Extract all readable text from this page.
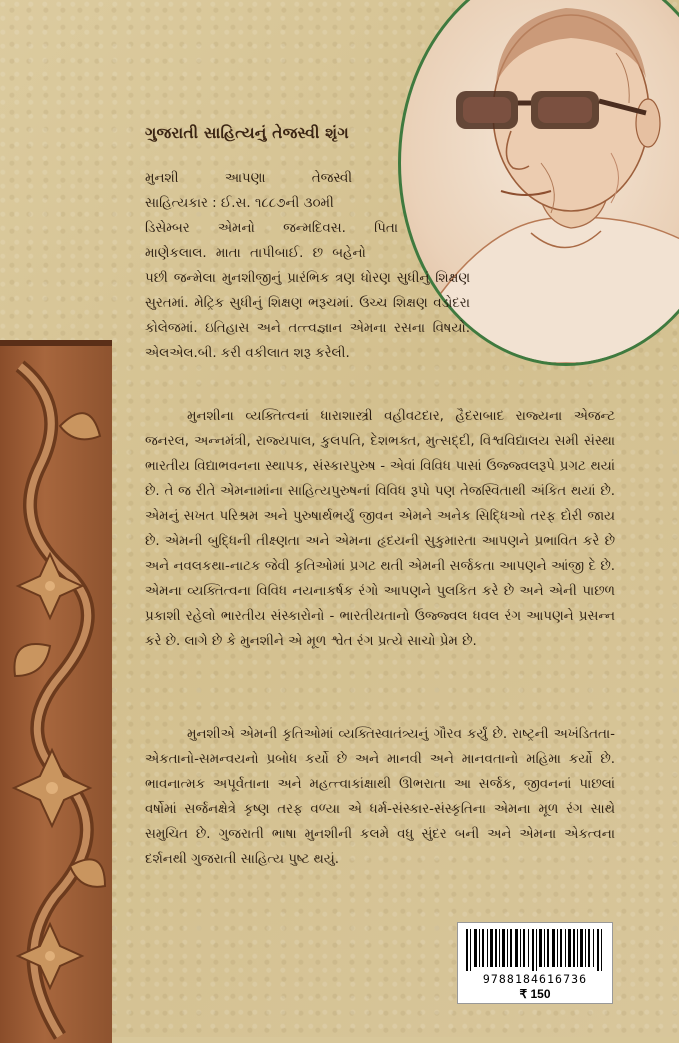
ગુજરાતી સાહિત્યનું તેજસ્વી શૃંગ
મુનશી આપણા તેજસ્વી
સાહિત્યકાર : ઈ.સ. ૧૮૮૭ની ૩૦મી
ડિસેમ્બર એમનો જન્મદિવસ. પિતા
માણેકલાલ. માતા તાપીબાઈ. છ બહેનો
પછી જન્મેલા મુનશીજીનું પ્રારંભિક ત્રણ ધોરણ સુધીનું શિક્ષણ સુરતમાં. મેટ્રિક સુધીનું શિક્ષણ ભરૂચમાં. ઉચ્ચ શિક્ષણ વડોદરા કોલેજમાં. ઇતિહાસ અને તત્ત્વજ્ઞાન એમના રસના વિષયો. એલએલ.બી. કરી વકીલાત શરૂ કરેલી.
મુનશીના વ્યક્તિત્વનાં ધારાશાસ્ત્રી વહીવટદાર, હૈદરાબાદ રાજ્યના એજન્ટ જનરલ, અન્નમંત્રી, રાજ્યપાલ, કુલપતિ, દેશભક્ત, મુત્સદ્દી, વિશ્વવિદ્યાલય સમી સંસ્થા ભારતીય વિદ્યાભવનના સ્થાપક, સંસ્કારપુરુષ - એવાં વિવિધ પાસાં ઉજ્જ્વલરૂપે પ્રગટ થયાં છે. તે જ રીતે એમનામાંના સાહિત્યપુરુષનાં વિવિધ રૂપો પણ તેજસ્વિતાથી અંકિત થયાં છે. એમનું સખત પરિશ્રમ અને પુરુષાર્થભર્યું જીવન એમને અનેક સિદ્ધિઓ તરફ દોરી જાય છે. એમની બુદ્ધિની તીક્ષ્ણતા અને એમના હૃદયની સુકુમારતા આપણને પ્રભાવિત કરે છે અને નવલકથા-નાટક જેવી કૃતિઓમાં પ્રગટ થતી એમની સર્જકતા આપણને આંજી દે છે. એમના વ્યક્તિત્વના વિવિધ નયનાકર્ષક રંગો આપણને પુલકિત કરે છે અને એની પાછળ પ્રકાશી રહેલો ભારતીય સંસ્કારોનો - ભારતીયતાનો ઉજ્જ્વલ ધવલ રંગ આપણને પ્રસન્ન કરે છે. લાગે છે કે મુનશીને એ મૂળ શ્વેત રંગ પ્રત્યે સાચો પ્રેમ છે.
મુનશીએ એમની કૃતિઓમાં વ્યક્તિસ્વાતંત્ર્યનું ગૌરવ કર્યું છે. રાષ્ટ્રની અખંડિતતા-એકતાનો-સમન્વયનો પ્રબોધ કર્યો છે અને માનવી અને માનવતાનો મહિમા કર્યો છે. ભાવનાત્મક અપૂર્વતાના અને મહત્ત્વાકાંક્ષાથી ઊભરાતા આ સર્જક, જીવનનાં પાછલાં વર્ષોમાં સર્જનક્ષેત્રે કૃષ્ણ તરફ વળ્યા એ ધર્મ-સંસ્કાર-સંસ્કૃતિના એમના મૂળ રંગ સાથે સમુચિત છે. ગુજરાતી ભાષા મુનશીની કલમે વધુ સુંદર બની અને એમના એકત્વના દર્શનથી ગુજરાતી સાહિત્ય પુષ્ટ થયું.
9788184616736
₹ 150
